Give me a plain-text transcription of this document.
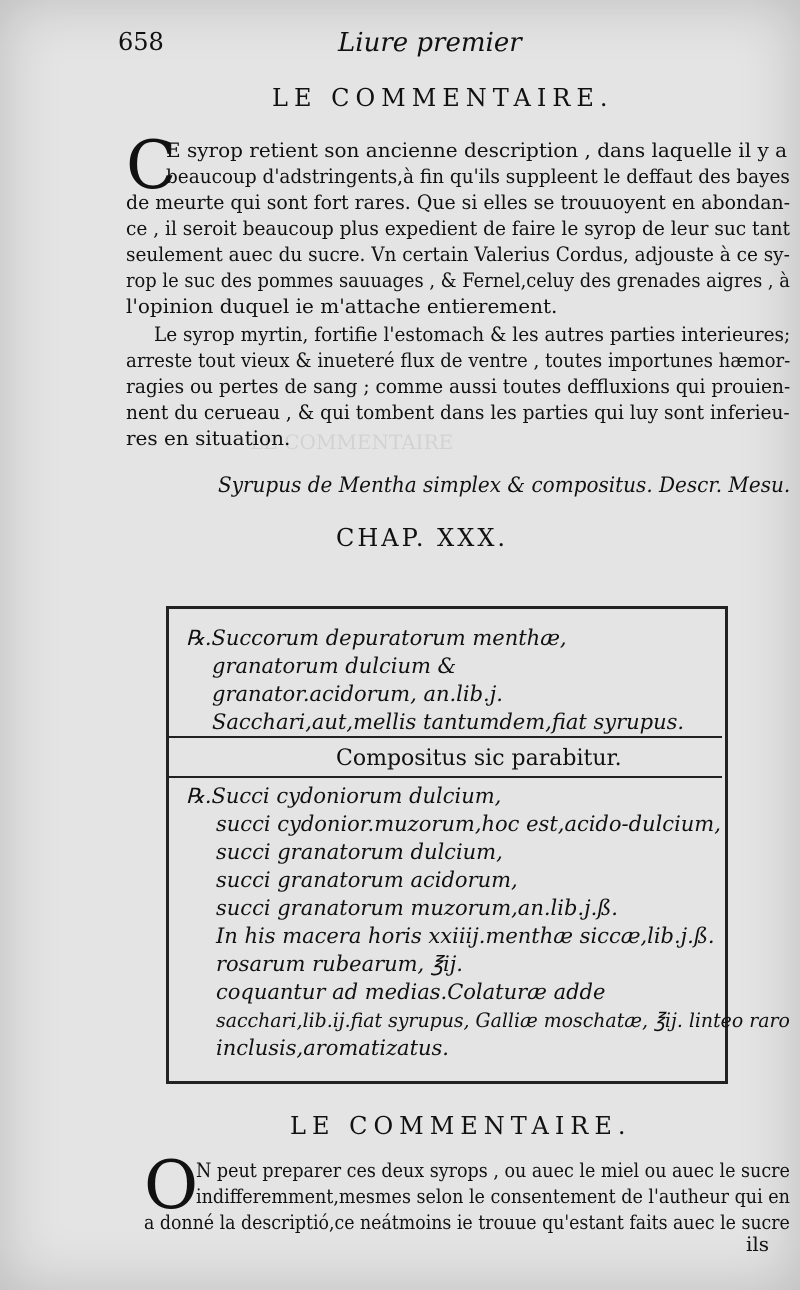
LE COMMENTAIRE
658	Liure premier
LE COMMENTAIRE.
C
E syrop retient son ancienne description , dans laquelle il y a
beaucoup d'adstringents,à fin qu'ils suppleent le deffaut des bayes
de meurte qui sont fort rares. Que si elles se trouuoyent en abondan-
ce , il seroit beaucoup plus expedient de faire le syrop de leur suc tant
seulement auec du sucre. Vn certain Valerius Cordus, adjouste à ce sy-
rop le suc des pommes sauuages , & Fernel,celuy des grenades aigres , à
l'opinion duquel ie m'attache entierement.
Le syrop myrtin, fortifie l'estomach & les autres parties interieures;
arreste tout vieux & inueteré flux de ventre , toutes importunes hæmor-
ragies ou pertes de sang ; comme aussi toutes deffluxions qui prouien-
nent du cerueau , & qui tombent dans les parties qui luy sont inferieu-
res en situation.
Syrupus de Mentha simplex & compositus. Descr. Mesu.
CHAP. XXX.
℞.Succorum depuratorum menthæ,
granatorum dulcium &
granator.acidorum, an.lib.j.
Sacchari,aut,mellis tantumdem,fiat syrupus.
Compositus sic parabitur.
℞.Succi cydoniorum dulcium,
succi cydonior.muzorum,hoc est,acido-dulcium,
succi granatorum dulcium,
succi granatorum acidorum,
succi granatorum muzorum,an.lib.j.ß.
In his macera horis xxiiij.menthæ siccæ,lib.j.ß.
rosarum rubearum, ℥ij.
coquantur ad medias.Colaturæ adde
sacchari,lib.ij.fiat syrupus, Galliæ moschatæ, ℥ij. linteo raro
inclusis,aromatizatus.
LE COMMENTAIRE.
O
N peut preparer ces deux syrops , ou auec le miel ou auec le sucre
indifferemment,mesmes selon le consentement de l'autheur qui en
a donné la descriptió,ce neátmoins ie trouue qu'estant faits auec le sucre
ils
